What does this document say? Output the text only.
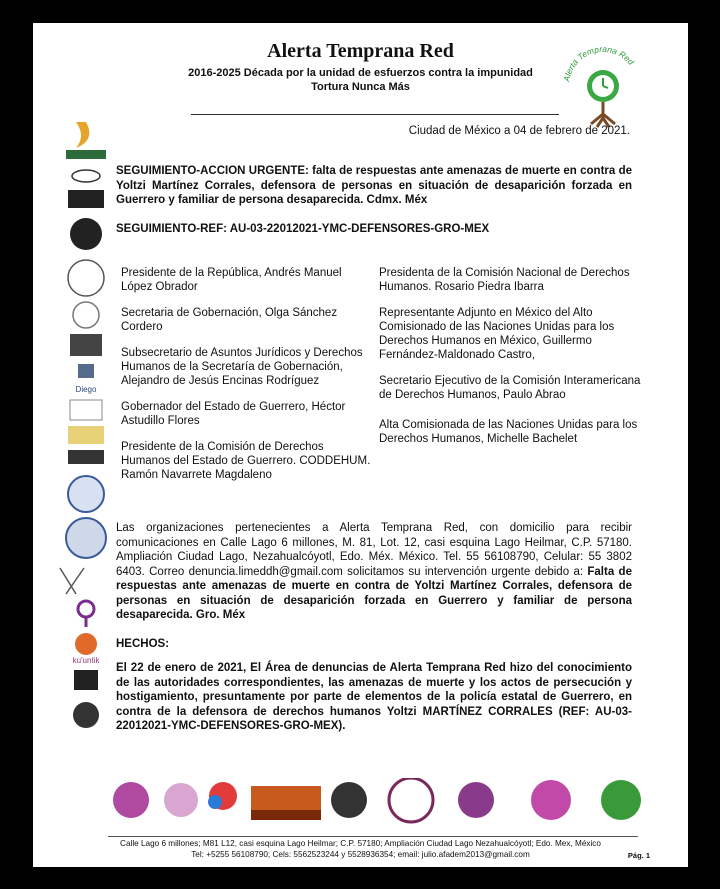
Alerta Temprana Red
2016-2025 Década por la unidad de esfuerzos contra la impunidad
Tortura Nunca Más
Alerta Temprana Red
Ciudad de México a 04 de febrero de 2021.
SEGUIMIENTO-ACCION URGENTE: falta de respuestas ante amenazas de muerte en contra de Yoltzi Martínez Corrales, defensora de personas en situación de desaparición forzada en Guerrero y familiar de persona desaparecida. Cdmx. Méx
SEGUIMIENTO-REF: AU-03-22012021-YMC-DEFENSORES-GRO-MEX
Presidente de la República, Andrés Manuel López Obrador
Secretaria de Gobernación, Olga Sánchez Cordero
Subsecretario de Asuntos Jurídicos y Derechos Humanos de la Secretaría de Gobernación, Alejandro de Jesús Encinas Rodríguez
Gobernador del Estado de Guerrero, Héctor Astudillo Flores
Presidente de la Comisión de Derechos Humanos del Estado de Guerrero. CODDEHUM. Ramón Navarrete Magdaleno
Presidenta de la Comisión Nacional de Derechos Humanos. Rosario Piedra Ibarra
Representante Adjunto en México del Alto Comisionado de las Naciones Unidas para los Derechos Humanos en México, Guillermo Fernández-Maldonado Castro,
Secretario Ejecutivo de la Comisión Interamericana de Derechos Humanos, Paulo Abrao
Alta Comisionada de las Naciones Unidas para los Derechos Humanos, Michelle Bachelet
Las organizaciones pertenecientes a Alerta Temprana Red, con domicilio para recibir comunicaciones en Calle Lago 6 millones, M. 81, Lot. 12, casi esquina Lago Heilmar, C.P. 57180. Ampliación Ciudad Lago, Nezahualcóyotl, Edo. Méx. México. Tel. 55 56108790, Celular: 55 3802 6403. Correo denuncia.limeddh@gmail.com solicitamos su intervención urgente debido a: Falta de respuestas ante amenazas de muerte en contra de Yoltzi Martínez Corrales, defensora de personas en situación de desaparición forzada en Guerrero y familiar de persona desaparecida. Gro. Méx
HECHOS:
El 22 de enero de 2021, El Área de denuncias de Alerta Temprana Red hizo del conocimiento de las autoridades correspondientes, las amenazas de muerte y los actos de persecución y hostigamiento, presuntamente por parte de elementos de la policía estatal de Guerrero, en contra de la defensora de derechos humanos Yoltzi MARTÍNEZ CORRALES (REF: AU-03-22012021-YMC-DEFENSORES-GRO-MEX).
Diego
ku'untik
Calle Lago 6 millones; M81 L12, casi esquina Lago Heilmar; C.P. 57180; Ampliación Ciudad Lago Nezahualcóyotl; Edo. Mex, México
Tel: +5255 56108790; Cels: 5562523244 y 5528936354; email: julio.afadem2013@gmail.com	Pág. 1
